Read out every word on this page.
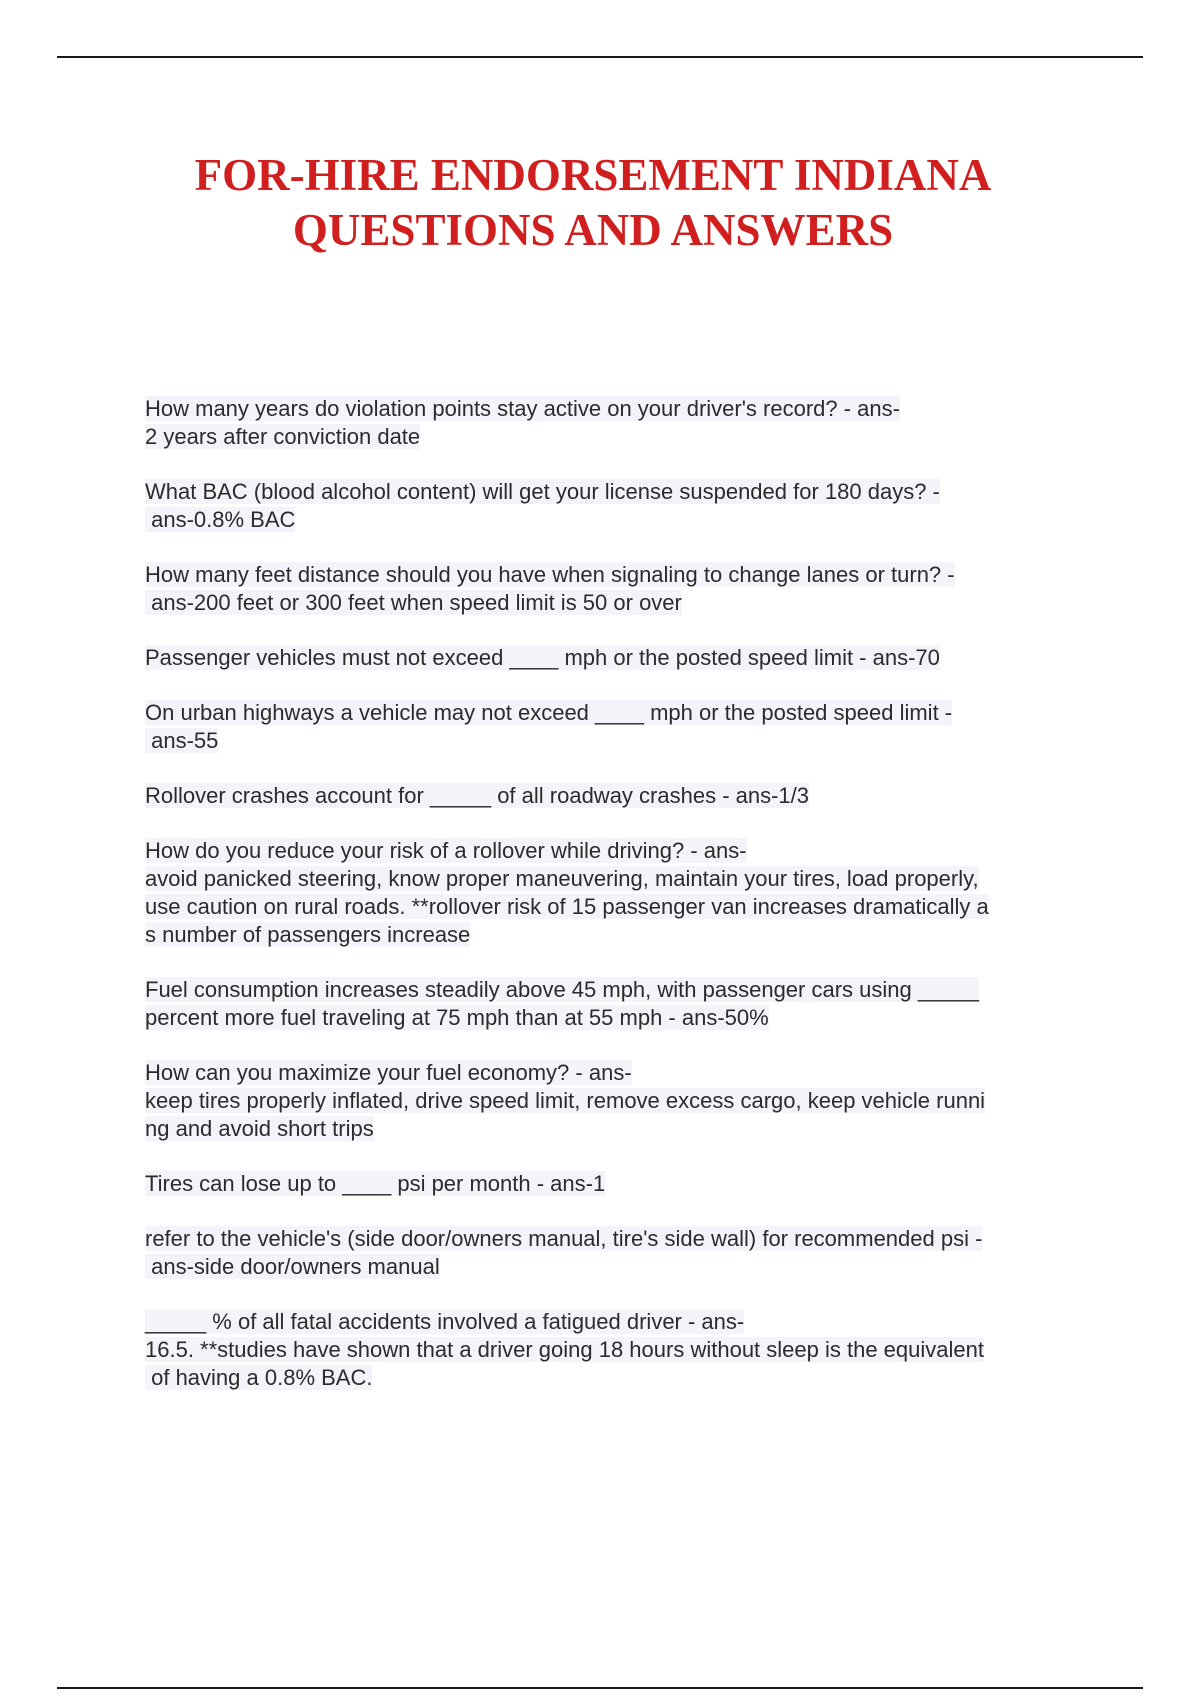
FOR-HIRE ENDORSEMENT INDIANA
QUESTIONS AND ANSWERS
How many years do violation points stay active on your driver's record? - ans-
2 years after conviction date
What BAC (blood alcohol content) will get your license suspended for 180 days? -
ans-0.8% BAC
How many feet distance should you have when signaling to change lanes or turn? -
ans-200 feet or 300 feet when speed limit is 50 or over
Passenger vehicles must not exceed ____ mph or the posted speed limit - ans-70
On urban highways a vehicle may not exceed ____ mph or the posted speed limit -
ans-55
Rollover crashes account for _____ of all roadway crashes - ans-1/3
How do you reduce your risk of a rollover while driving? - ans-
avoid panicked steering, know proper maneuvering, maintain your tires, load properly,
use caution on rural roads. **rollover risk of 15 passenger van increases dramatically a
s number of passengers increase
Fuel consumption increases steadily above 45 mph, with passenger cars using _____
percent more fuel traveling at 75 mph than at 55 mph - ans-50%
How can you maximize your fuel economy? - ans-
keep tires properly inflated, drive speed limit, remove excess cargo, keep vehicle runni
ng and avoid short trips
Tires can lose up to ____ psi per month - ans-1
refer to the vehicle's (side door/owners manual, tire's side wall) for recommended psi -
ans-side door/owners manual
_____ % of all fatal accidents involved a fatigued driver - ans-
16.5. **studies have shown that a driver going 18 hours without sleep is the equivalent
of having a 0.8% BAC.
